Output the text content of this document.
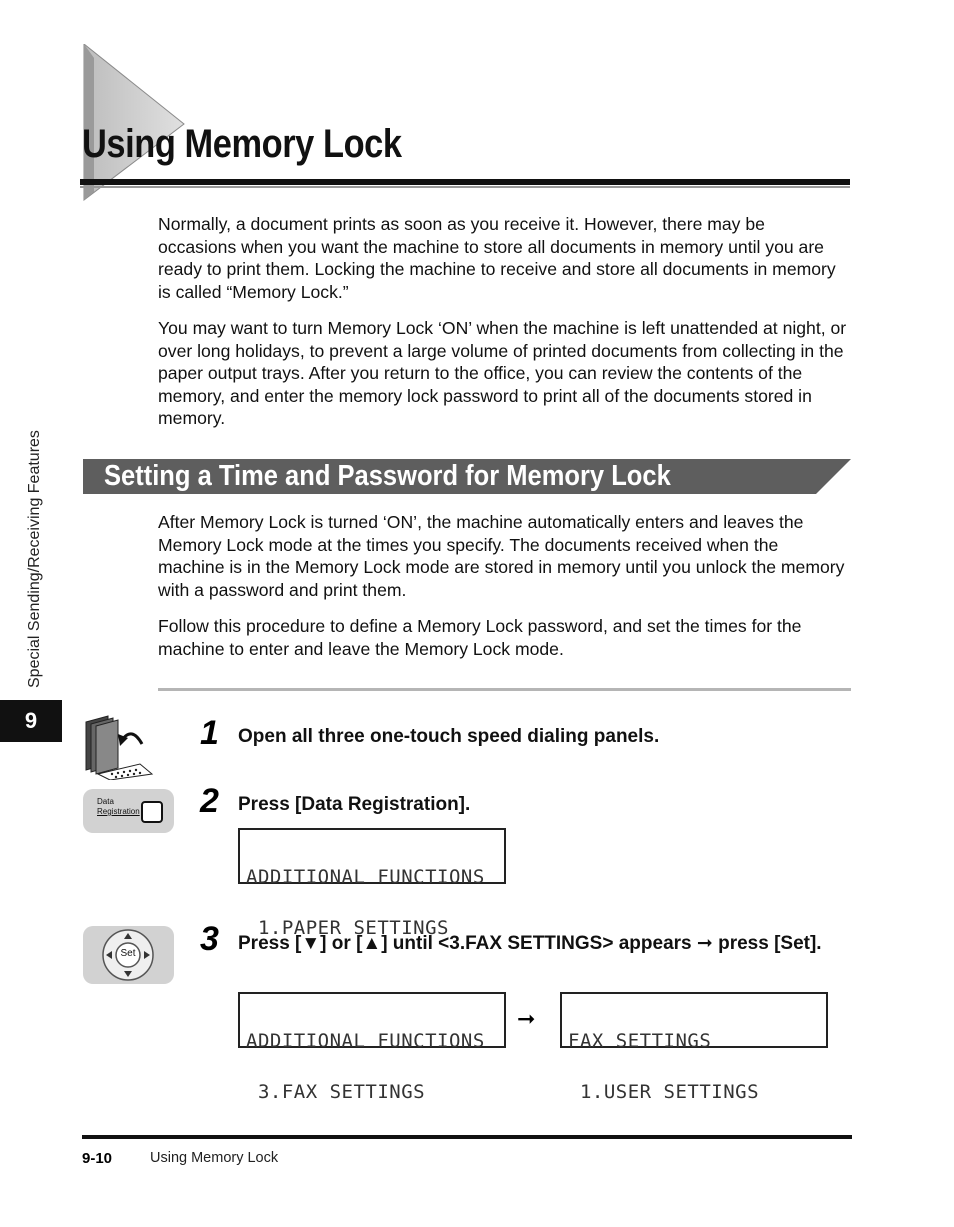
Using Memory Lock

Normally, a document prints as soon as you receive it. However, there may be occasions when you want the machine to store all documents in memory until you are ready to print them. Locking the machine to receive and store all documents in memory is called “Memory Lock.”

You may want to turn Memory Lock ‘ON’ when the machine is left unattended at night, or over long holidays, to prevent a large volume of printed documents from collecting in the paper output trays. After you return to the office, you can review the contents of the memory, and enter the memory lock password to print all of the documents stored in memory.

Setting a Time and Password for Memory Lock

After Memory Lock is turned ‘ON’, the machine automatically enters and leaves the Memory Lock mode at the times you specify. The documents received when the machine is in the Memory Lock mode are stored in memory until you unlock the memory with a password and print them.

Follow this procedure to define a Memory Lock password, and set the times for the machine to enter and leave the Memory Lock mode.

1 Open all three one-touch speed dialing panels.
Data
Registration 2 Press [Data Registration].

ADDITIONAL FUNCTIONS

1.PAPER SETTINGS

Set 3 Press [▼] or [▲] until <3.FAX SETTINGS> appears ➞ press [Set].

ADDITIONAL FUNCTIONS

3.FAX SETTINGS

➞

FAX SETTINGS

1.USER SETTINGS

Special Sending/Receiving Features
9
9-10	Using Memory Lock
